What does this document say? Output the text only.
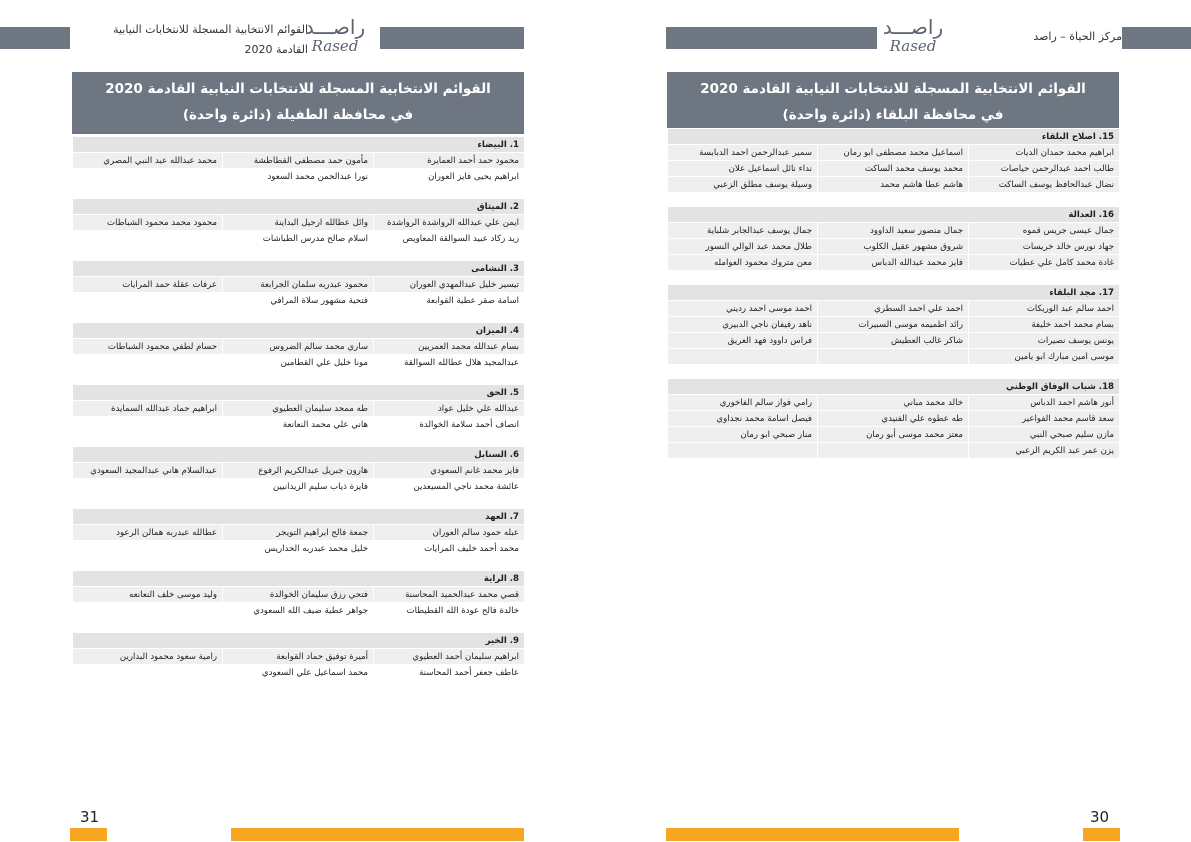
القوائم الانتخابية المسجلة للانتخابات النيابية
القادمة 2020
راصـــد
Rased
القوائم الانتخابية المسجلة للانتخابات النيابية القادمة 2020
في محافظة الطفيلة (دائرة واحدة)
1. البيضاء		
محمود حمد أحمد العمايرة	مأمون حمد مصطفى القطاطشة	محمد عبدالله عبد النبي المصري
ابراهيم يحيى فايز العوران	نورا عبدالحمن محمد السعود	

2. الميثاق		
ايمن علي عبدالله الرواشدة الرواشدة	وائل عطالله ارحيل البداينة	محمود محمد محمود الشباطات
زيد زكاد عبيد السوالقة المعاويص	اسلام صالح مدرس الطباشات	

3. النشامى		
تيسير خليل عبدالمهدي العوران	محمود عبدربه سلمان الجرابعة	عرفات عقلة حمد المرايات
اسامة صقر عطية القوابعة	فتحية مشهور سلاة المرافي	

4. الميزان		
بسام عبدالله محمد العمريين	ساري محمد سالم الضروس	حسام لطفي محمود الشباطات
عبدالمجيد هلال عطالله السوالقة	مونا خليل علي القطامين	

5. الحق		
عبدالله علي خليل عواد	طه ممحد سليمان العطيوي	ابراهيم حماد عبدالله السمايدة
انصاف أحمد سلامة الخوالدة	هاني علي محمد النعانعة	

6. السنابل		
فايز محمد غانم السعودي	هارون جبريل عبدالكريم الرفوع	عبدالسلام هاني عبدالمجيد السعودي
عائشة محمد ناجي المسيعدين	فايزة ذياب سليم الزيدانيين	

7. العهد		
عبله حمود سالم العوران	جمعة فالح ابراهيم التويجر	عطالله عبدربه همالن الرعود
محمد أحمد خليف المرايات	خليل محمد عبدربه الحداريس	

8. الراية		
قصي محمد عبدالحميد المحاسنة	فتحي رزق سليمان الخوالدة	وليد موسى خلف النعانعه
خالدة فالح عودة الله القطيطات	جواهر عطية ضيف الله السعودي	

9. الخير		
ابراهيم سليمان أحمد العطيوي	أميرة توفيق حماد القوابعة	رامية سعود محمود البدارين
عاطف جعفر أحمد المحاسنة	محمد اسماعيل علي السعودي	
31
راصـــد
Rased
مركز الحياة – راصد
القوائم الانتخابية المسجلة للانتخابات النيابية القادمة 2020
في محافظة البلقاء (دائرة واحدة)
15. اصلاح البلقاء		
ابراهيم محمد حمدان الديات	اسماعيل محمد مصطفى ابو رمان	سمير عبدالرحمن احمد الدبابسة
طالب احمد عبدالرحمن حياصات	محمد يوسف محمد الساكت	نداء نائل اسماعيل علان
نضال عبدالحافظ يوسف الساكت	هاشم عطا هاشم محمد	وسيلة يوسف مطلق الزعبي

16. العدالة		
جمال عيسى جريس قموه	جمال منصور سعيد الداوود	جمال يوسف عبدالجابر شلباية
جهاد نورس خالد خريسات	شروق مشهور عقيل الكلوب	طلال محمد عبد الوالي النسور
غادة محمد كامل علي عطيات	فايز محمد عبدالله الدباس	معن متروك محمود العوامله

17. مجد البلقاء		
احمد سالم عبد الوريكات	احمد علي احمد السطري	احمد موسى احمد رديني
بسام محمد احمد خليفة	رائد اطميمه موسى السبيرات	ناهد رفيفان ناجي الدبيري
يونس يوسف نصيرات	شاكر غالب العطيش	فراس داوود فهد العريق
موسى امين مبارك ابو يامين		

18. شباب الوفاق الوطني		
أنور هاشم احمد الدباس	خالد محمد مباني	رامي فواز سالم الفاخوري
سعد قاسم محمد الفواعير	طه عطوه علي الفنيدي	فيصل اسامة محمد نجداوي
مازن سليم صبحي النبي	معتز محمد موسى أبو رمان	منار صبحي ابو رمان
يزن عمر عبد الكريم الزعبي		
30
